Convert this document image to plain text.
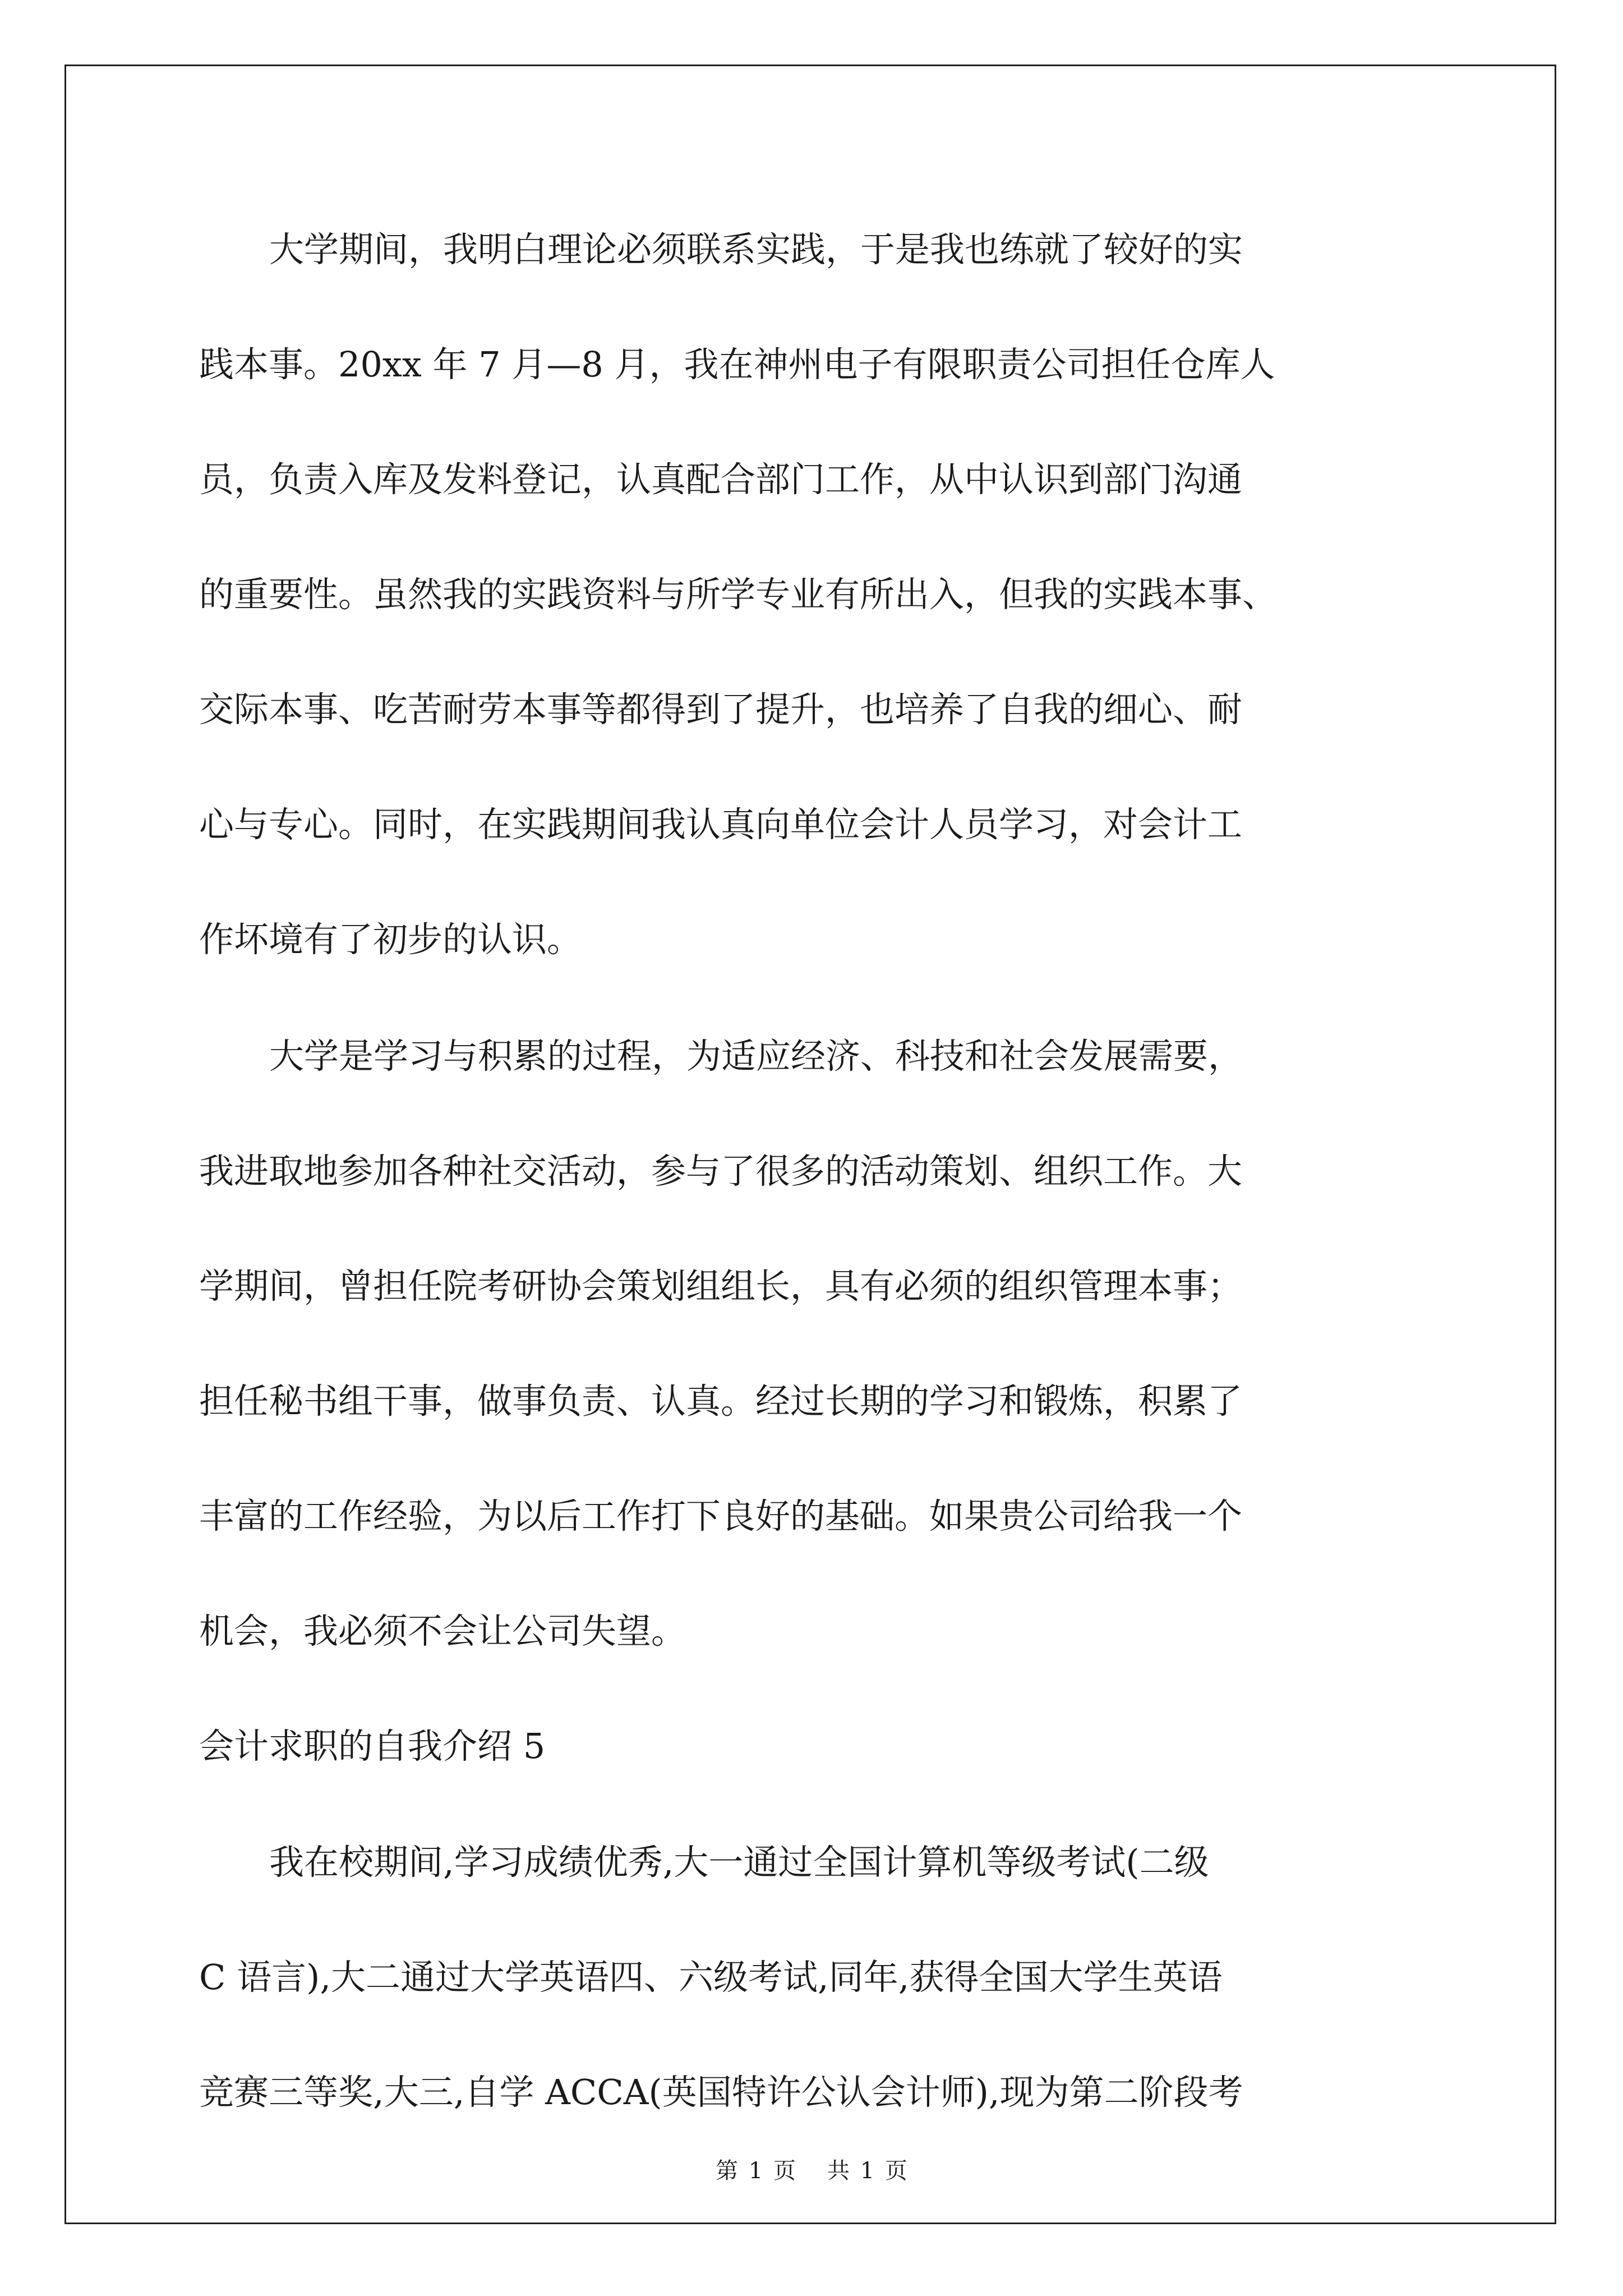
大学期间，我明白理论必须联系实践，于是我也练就了较好的实
践本事。20xx 年 7 月—8 月，我在神州电子有限职责公司担任仓库人
员，负责入库及发料登记，认真配合部门工作，从中认识到部门沟通
的重要性。虽然我的实践资料与所学专业有所出入，但我的实践本事、
交际本事、吃苦耐劳本事等都得到了提升，也培养了自我的细心、耐
心与专心。同时，在实践期间我认真向单位会计人员学习，对会计工
作坏境有了初步的认识。
大学是学习与积累的过程，为适应经济、科技和社会发展需要，
我进取地参加各种社交活动，参与了很多的活动策划、组织工作。大
学期间，曾担任院考研协会策划组组长，具有必须的组织管理本事；
担任秘书组干事，做事负责、认真。经过长期的学习和锻炼，积累了
丰富的工作经验，为以后工作打下良好的基础。如果贵公司给我一个
机会，我必须不会让公司失望。
会计求职的自我介绍 5
我在校期间,学习成绩优秀,大一通过全国计算机等级考试(二级
C 语言),大二通过大学英语四、六级考试,同年,获得全国大学生英语
竞赛三等奖,大三,自学 ACCA(英国特许公认会计师),现为第二阶段考
第 1 页 共 1 页
